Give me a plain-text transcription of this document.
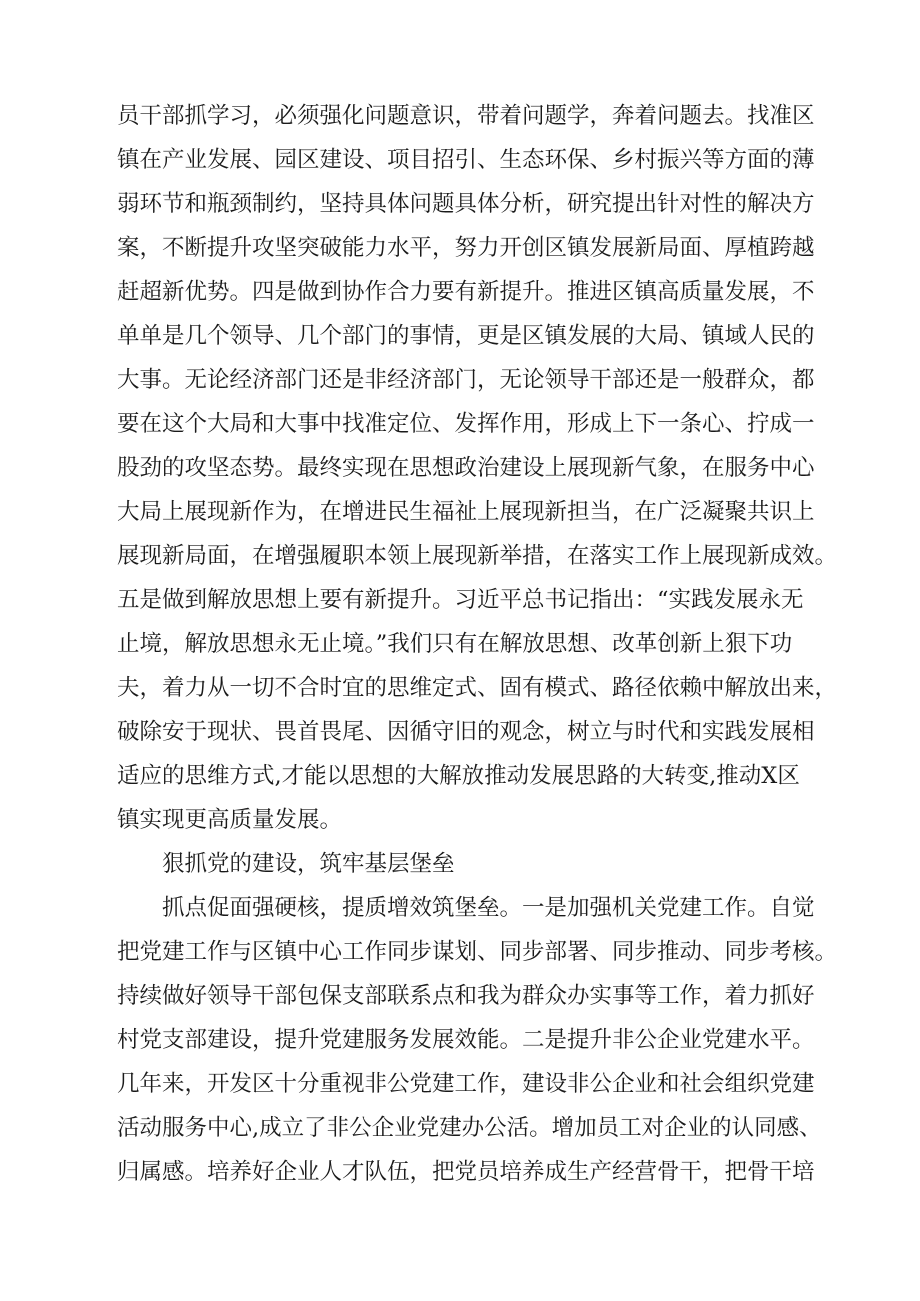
员干部抓学习，必须强化问题意识，带着问题学，奔着问题去。找准区
镇在产业发展、园区建设、项目招引、生态环保、乡村振兴等方面的薄
弱环节和瓶颈制约，坚持具体问题具体分析，研究提出针对性的解决方
案，不断提升攻坚突破能力水平，努力开创区镇发展新局面、厚植跨越
赶超新优势。四是做到协作合力要有新提升。推进区镇高质量发展，不
单单是几个领导、几个部门的事情，更是区镇发展的大局、镇域人民的
大事。无论经济部门还是非经济部门，无论领导干部还是一般群众，都
要在这个大局和大事中找准定位、发挥作用，形成上下一条心、拧成一
股劲的攻坚态势。最终实现在思想政治建设上展现新气象，在服务中心
大局上展现新作为，在增进民生福祉上展现新担当，在广泛凝聚共识上
展现新局面，在增强履职本领上展现新举措，在落实工作上展现新成效。
五是做到解放思想上要有新提升。习近平总书记指出：“实践发展永无
止境，解放思想永无止境。”我们只有在解放思想、改革创新上狠下功
夫，着力从一切不合时宜的思维定式、固有模式、路径依赖中解放出来，
破除安于现状、畏首畏尾、因循守旧的观念，树立与时代和实践发展相
适应的思维方式,才能以思想的大解放推动发展思路的大转变,推动X区
镇实现更高质量发展。
狠抓党的建设，筑牢基层堡垒
抓点促面强硬核，提质增效筑堡垒。一是加强机关党建工作。自觉
把党建工作与区镇中心工作同步谋划、同步部署、同步推动、同步考核。
持续做好领导干部包保支部联系点和我为群众办实事等工作，着力抓好
村党支部建设，提升党建服务发展效能。二是提升非公企业党建水平。
几年来，开发区十分重视非公党建工作，建设非公企业和社会组织党建
活动服务中心,成立了非公企业党建办公活。增加员工对企业的认同感、
归属感。培养好企业人才队伍，把党员培养成生产经营骨干，把骨干培
